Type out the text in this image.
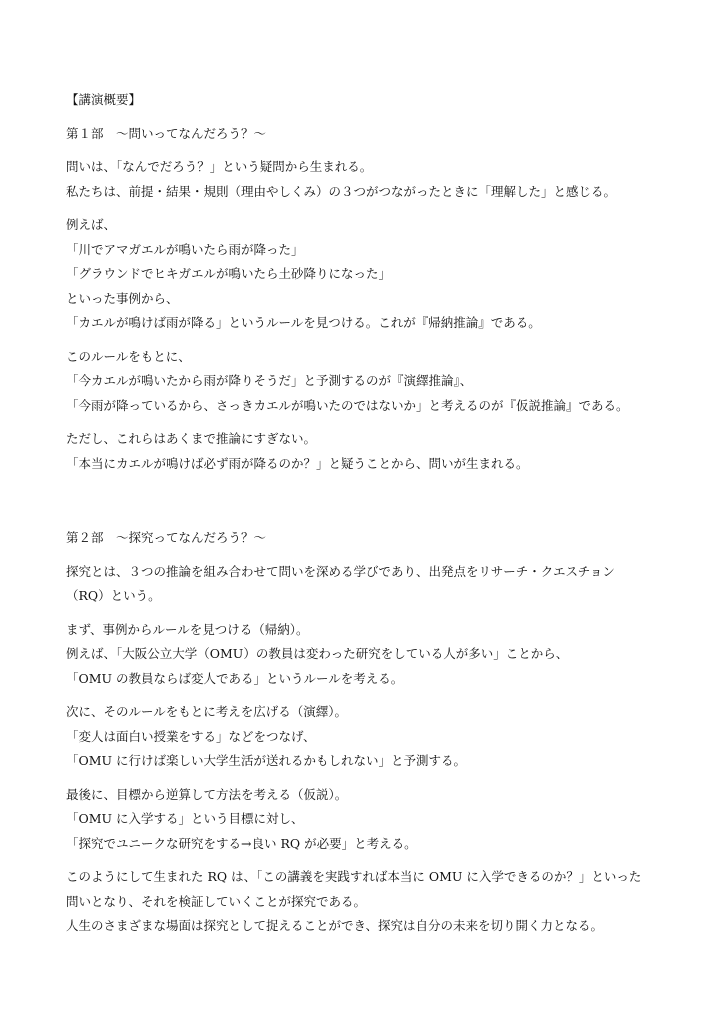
【講演概要】
第１部　～問いってなんだろう？～
問いは、「なんでだろう？」という疑問から生まれる。
私たちは、前提・結果・規則（理由やしくみ）の３つがつながったときに「理解した」と感じる。
例えば、
「川でアマガエルが鳴いたら雨が降った」
「グラウンドでヒキガエルが鳴いたら土砂降りになった」
といった事例から、
「カエルが鳴けば雨が降る」というルールを見つける。これが『帰納推論』である。
このルールをもとに、
「今カエルが鳴いたから雨が降りそうだ」と予測するのが『演繹推論』、
「今雨が降っているから、さっきカエルが鳴いたのではないか」と考えるのが『仮説推論』である。
ただし、これらはあくまで推論にすぎない。
「本当にカエルが鳴けば必ず雨が降るのか？」と疑うことから、問いが生まれる。
第２部　～探究ってなんだろう？～
探究とは、３つの推論を組み合わせて問いを深める学びであり、出発点をリサーチ・クエスチョン
（RQ）という。
まず、事例からルールを見つける（帰納）。
例えば、「大阪公立大学（OMU）の教員は変わった研究をしている人が多い」ことから、
「OMU の教員ならば変人である」というルールを考える。
次に、そのルールをもとに考えを広げる（演繹）。
「変人は面白い授業をする」などをつなげ、
「OMU に行けば楽しい大学生活が送れるかもしれない」と予測する。
最後に、目標から逆算して方法を考える（仮説）。
「OMU に入学する」という目標に対し、
「探究でユニークな研究をする→良い RQ が必要」と考える。
このようにして生まれた RQ は、「この講義を実践すれば本当に OMU に入学できるのか？」といった
問いとなり、それを検証していくことが探究である。
人生のさまざまな場面は探究として捉えることができ、探究は自分の未来を切り開く力となる。
